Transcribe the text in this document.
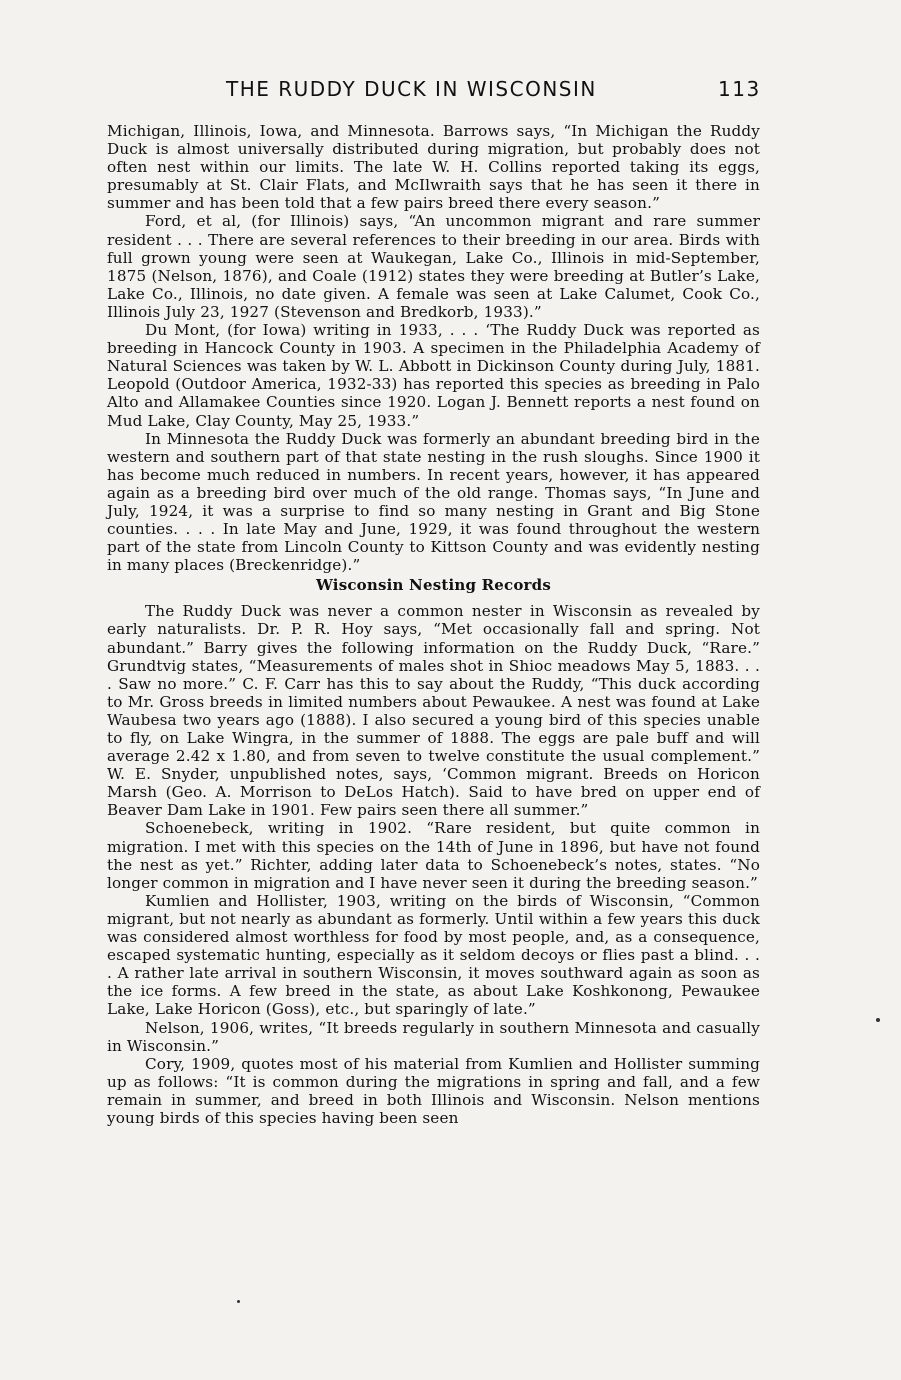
THE RUDDY DUCK IN WISCONSIN	113

Michigan, Illinois, Iowa, and Minnesota. Barrows says, “In Michigan the Ruddy Duck is almost universally distributed during migration, but probably does not often nest within our limits. The late W. H. Collins reported taking its eggs, presumably at St. Clair Flats, and McIlwraith says that he has seen it there in summer and has been told that a few pairs breed there every season.”

Ford, et al, (for Illinois) says, “An uncommon migrant and rare summer resident . . . There are several references to their breeding in our area. Birds with full grown young were seen at Waukegan, Lake Co., Illinois in mid-September, 1875 (Nelson, 1876), and Coale (1912) states they were breeding at Butler’s Lake, Lake Co., Illinois, no date given. A female was seen at Lake Calumet, Cook Co., Illinois July 23, 1927 (Stevenson and Bredkorb, 1933).”

Du Mont, (for Iowa) writing in 1933, . . . ‘The Ruddy Duck was reported as breeding in Hancock County in 1903. A specimen in the Philadelphia Academy of Natural Sciences was taken by W. L. Abbott in Dickinson County during July, 1881. Leopold (Outdoor America, 1932-33) has reported this species as breeding in Palo Alto and Allamakee Counties since 1920. Logan J. Bennett reports a nest found on Mud Lake, Clay County, May 25, 1933.”

In Minnesota the Ruddy Duck was formerly an abundant breeding bird in the western and southern part of that state nesting in the rush sloughs. Since 1900 it has become much reduced in numbers. In recent years, however, it has appeared again as a breeding bird over much of the old range. Thomas says, “In June and July, 1924, it was a surprise to find so many nesting in Grant and Big Stone counties. . . . In late May and June, 1929, it was found throughout the western part of the state from Lincoln County to Kittson County and was evidently nesting in many places (Breckenridge).”

Wisconsin Nesting Records

The Ruddy Duck was never a common nester in Wisconsin as revealed by early naturalists. Dr. P. R. Hoy says, “Met occasionally fall and spring. Not abundant.” Barry gives the following information on the Ruddy Duck, “Rare.” Grundtvig states, “Measurements of males shot in Shioc meadows May 5, 1883. . . . Saw no more.” C. F. Carr has this to say about the Ruddy, “This duck according to Mr. Gross breeds in limited numbers about Pewaukee. A nest was found at Lake Waubesa two years ago (1888). I also secured a young bird of this species unable to fly, on Lake Wingra, in the summer of 1888. The eggs are pale buff and will average 2.42 x 1.80, and from seven to twelve constitute the usual complement.” W. E. Snyder, unpublished notes, says, ‘Common migrant. Breeds on Horicon Marsh (Geo. A. Morrison to DeLos Hatch). Said to have bred on upper end of Beaver Dam Lake in 1901. Few pairs seen there all summer.”

Schoenebeck, writing in 1902. “Rare resident, but quite common in migration. I met with this species on the 14th of June in 1896, but have not found the nest as yet.” Richter, adding later data to Schoenebeck’s notes, states. “No longer common in migration and I have never seen it during the breeding season.”

Kumlien and Hollister, 1903, writing on the birds of Wisconsin, “Common migrant, but not nearly as abundant as formerly. Until within a few years this duck was considered almost worthless for food by most people, and, as a consequence, escaped systematic hunting, especially as it seldom decoys or flies past a blind. . . . A rather late arrival in southern Wisconsin, it moves southward again as soon as the ice forms. A few breed in the state, as about Lake Koshkonong, Pewaukee Lake, Lake Horicon (Goss), etc., but sparingly of late.”

Nelson, 1906, writes, “It breeds regularly in southern Minnesota and casually in Wisconsin.”

Cory, 1909, quotes most of his material from Kumlien and Hollister summing up as follows: “It is common during the migrations in spring and fall, and a few remain in summer, and breed in both Illinois and Wisconsin. Nelson mentions young birds of this species having been seen
